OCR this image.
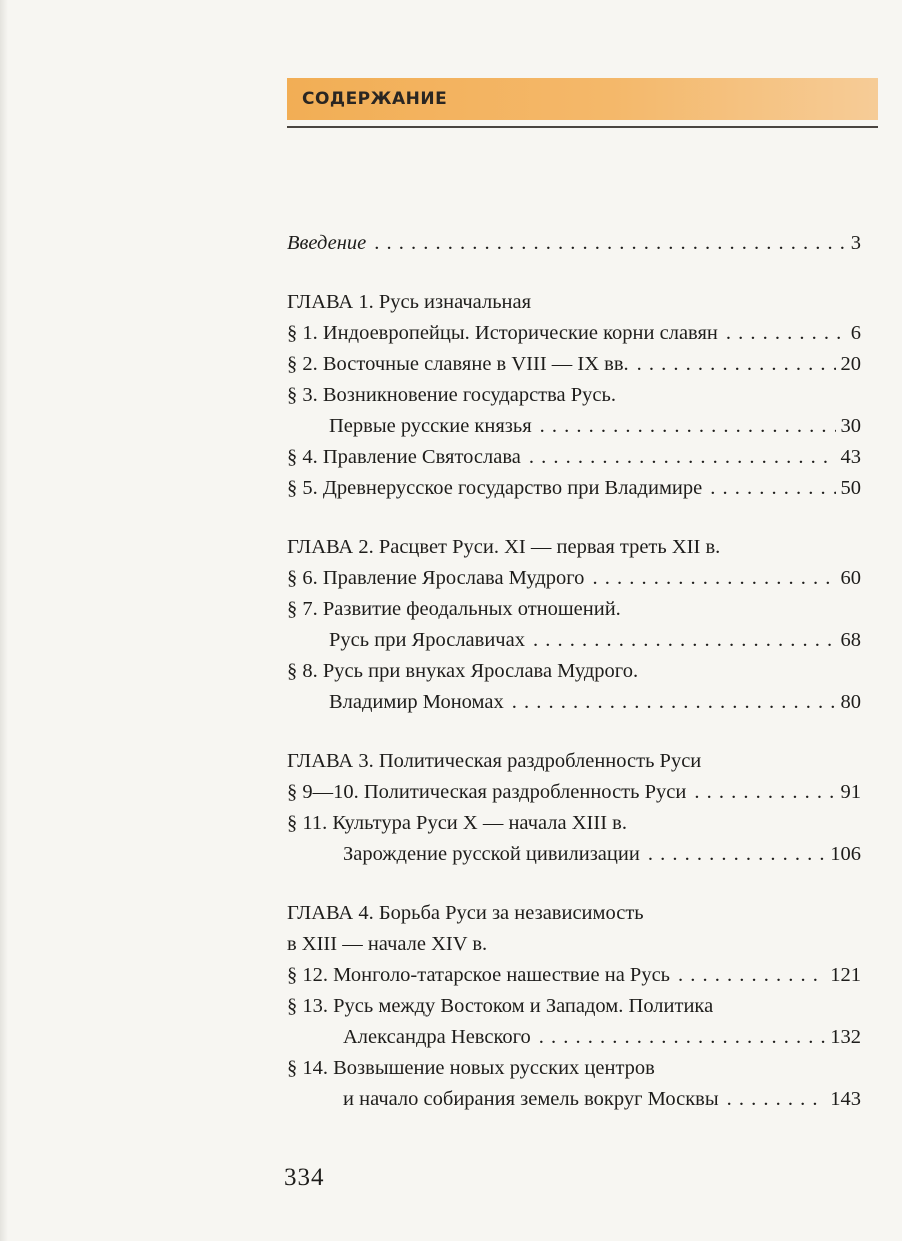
СОДЕРЖАНИЕ
Введение . . .	3
ГЛАВА 1. Русь изначальная
§ 1. Индоевропейцы. Исторические корни славян . . .	6
§ 2. Восточные славяне в VIII — IX вв. . . .	20
§ 3. Возникновение государства Русь.
Первые русские князья . . .	30
§ 4. Правление Святослава . . .	43
§ 5. Древнерусское государство при Владимире . . .	50
ГЛАВА 2. Расцвет Руси. XI — первая треть XII в.
§ 6. Правление Ярослава Мудрого . . .	60
§ 7. Развитие феодальных отношений.
Русь при Ярославичах . . .	68
§ 8. Русь при внуках Ярослава Мудрого.
Владимир Мономах . . .	80
ГЛАВА 3. Политическая раздробленность Руси
§ 9—10. Политическая раздробленность Руси . . .	91
§ 11. Культура Руси X — начала XIII в.
Зарождение русской цивилизации . . .	106
ГЛАВА 4. Борьба Руси за независимость
в XIII — начале XIV в.
§ 12. Монголо-татарское нашествие на Русь . . .	121
§ 13. Русь между Востоком и Западом. Политика
Александра Невского . . .	132
§ 14. Возвышение новых русских центров
и начало собирания земель вокруг Москвы . . .	143
334
